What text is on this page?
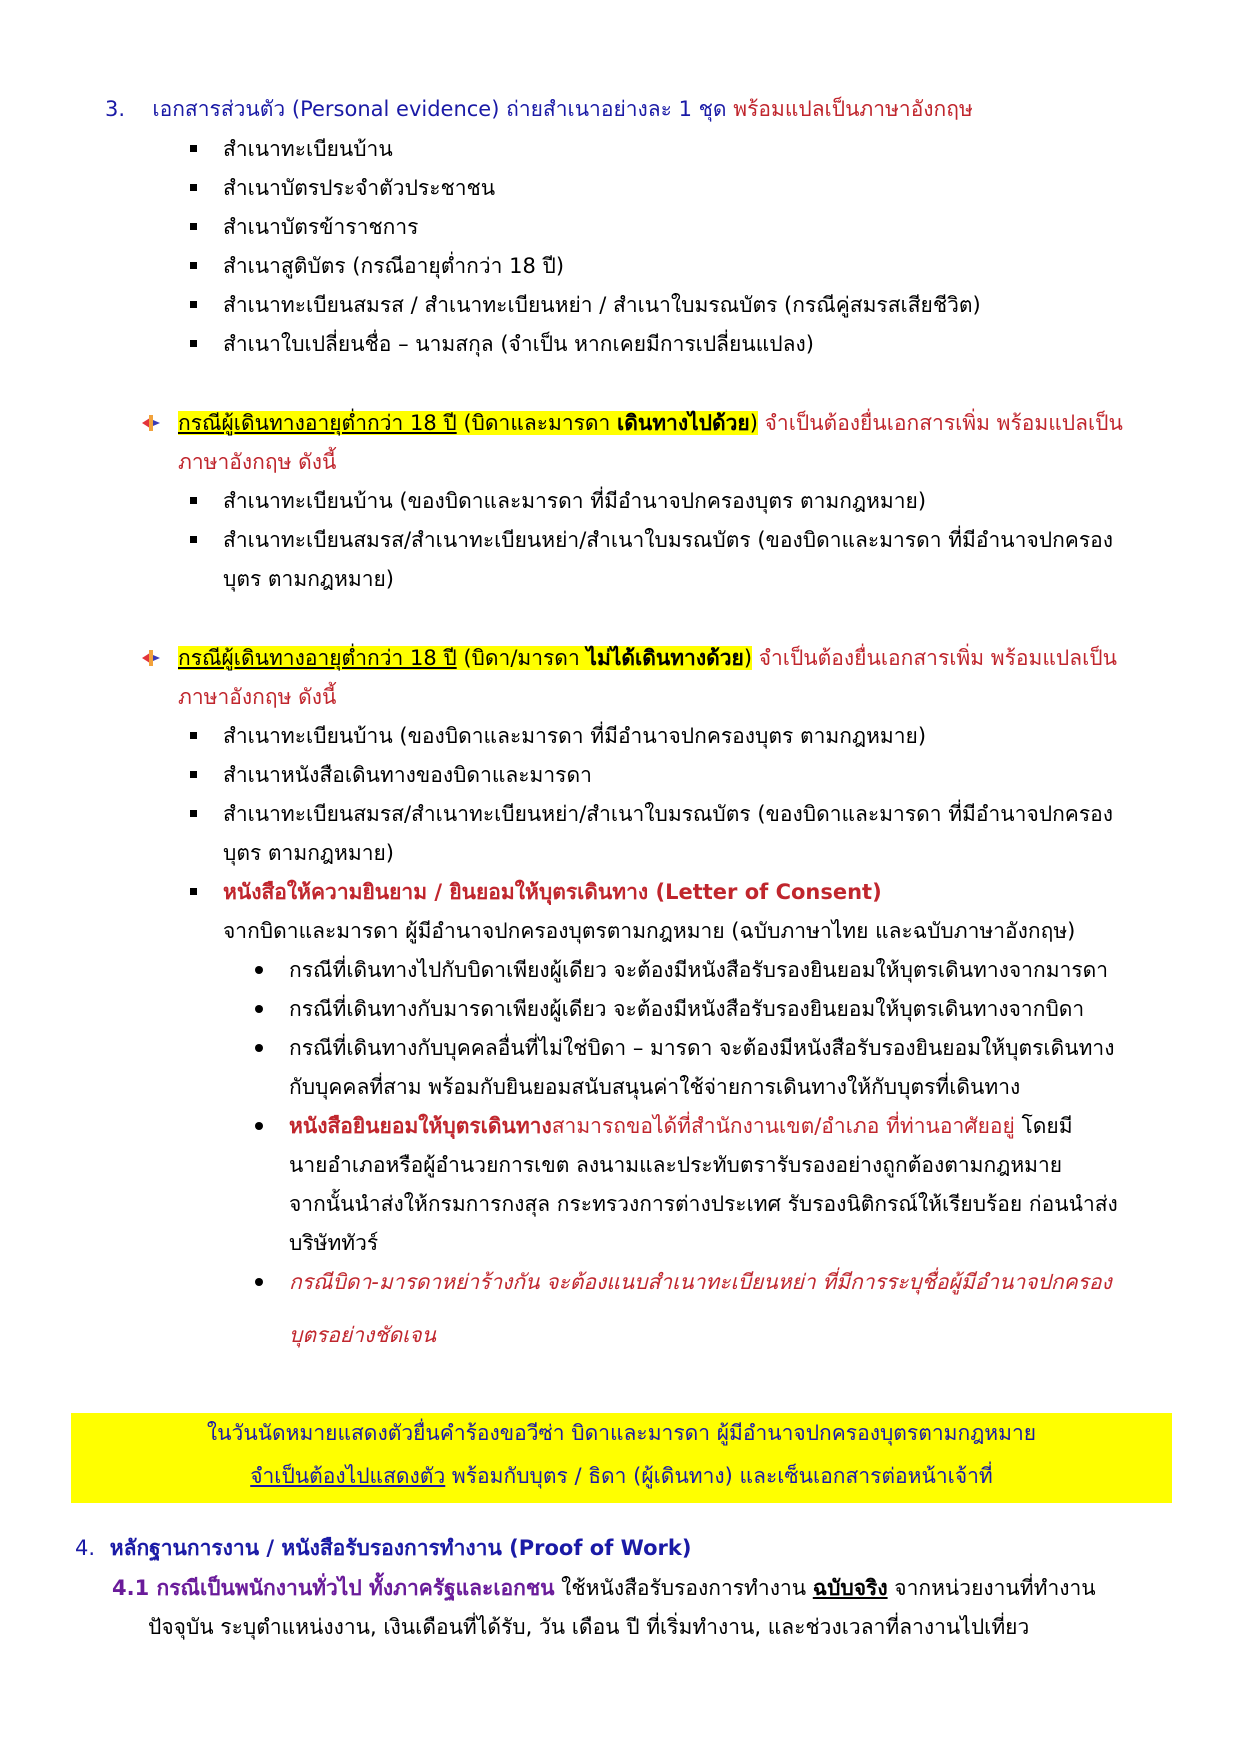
3. เอกสารส่วนตัว (Personal evidence) ถ่ายสำเนาอย่างละ 1 ชุด พร้อมแปลเป็นภาษาอังกฤษ
สำเนาทะเบียนบ้าน
สำเนาบัตรประจำตัวประชาชน
สำเนาบัตรข้าราชการ
สำเนาสูติบัตร (กรณีอายุต่ำกว่า 18 ปี)
สำเนาทะเบียนสมรส / สำเนาทะเบียนหย่า / สำเนาใบมรณบัตร (กรณีคู่สมรสเสียชีวิต)
สำเนาใบเปลี่ยนชื่อ – นามสกุล (จำเป็น หากเคยมีการเปลี่ยนแปลง)
กรณีผู้เดินทางอายุต่ำกว่า 18 ปี (บิดาและมารดา เดินทางไปด้วย) จำเป็นต้องยื่นเอกสารเพิ่ม พร้อมแปลเป็น
ภาษาอังกฤษ ดังนี้
สำเนาทะเบียนบ้าน (ของบิดาและมารดา ที่มีอำนาจปกครองบุตร ตามกฎหมาย)
สำเนาทะเบียนสมรส/สำเนาทะเบียนหย่า/สำเนาใบมรณบัตร (ของบิดาและมารดา ที่มีอำนาจปกครอง
บุตร ตามกฎหมาย)
กรณีผู้เดินทางอายุต่ำกว่า 18 ปี (บิดา/มารดา ไม่ได้เดินทางด้วย) จำเป็นต้องยื่นเอกสารเพิ่ม พร้อมแปลเป็น
ภาษาอังกฤษ ดังนี้
สำเนาทะเบียนบ้าน (ของบิดาและมารดา ที่มีอำนาจปกครองบุตร ตามกฎหมาย)
สำเนาหนังสือเดินทางของบิดาและมารดา
สำเนาทะเบียนสมรส/สำเนาทะเบียนหย่า/สำเนาใบมรณบัตร (ของบิดาและมารดา ที่มีอำนาจปกครอง
บุตร ตามกฎหมาย)
หนังสือให้ความยินยาม / ยินยอมให้บุตรเดินทาง (Letter of Consent)
จากบิดาและมารดา ผู้มีอำนาจปกครองบุตรตามกฎหมาย (ฉบับภาษาไทย และฉบับภาษาอังกฤษ)
กรณีที่เดินทางไปกับบิดาเพียงผู้เดียว จะต้องมีหนังสือรับรองยินยอมให้บุตรเดินทางจากมารดา
กรณีที่เดินทางกับมารดาเพียงผู้เดียว จะต้องมีหนังสือรับรองยินยอมให้บุตรเดินทางจากบิดา
กรณีที่เดินทางกับบุคคลอื่นที่ไม่ใช่บิดา – มารดา จะต้องมีหนังสือรับรองยินยอมให้บุตรเดินทาง
กับบุคคลที่สาม พร้อมกับยินยอมสนับสนุนค่าใช้จ่ายการเดินทางให้กับบุตรที่เดินทาง
หนังสือยินยอมให้บุตรเดินทางสามารถขอได้ที่สำนักงานเขต/อำเภอ ที่ท่านอาศัยอยู่ โดยมี
นายอำเภอหรือผู้อำนวยการเขต ลงนามและประทับตรารับรองอย่างถูกต้องตามกฎหมาย
จากนั้นนำส่งให้กรมการกงสุล กระทรวงการต่างประเทศ รับรองนิติกรณ์ให้เรียบร้อย ก่อนนำส่ง
บริษัททัวร์
กรณีบิดา-มารดาหย่าร้างกัน จะต้องแนบสำเนาทะเบียนหย่า ที่มีการระบุชื่อผู้มีอำนาจปกครอง
บุตรอย่างชัดเจน
ในวันนัดหมายแสดงตัวยื่นคำร้องขอวีซ่า บิดาและมารดา ผู้มีอำนาจปกครองบุตรตามกฎหมาย
จำเป็นต้องไปแสดงตัว พร้อมกับบุตร / ธิดา (ผู้เดินทาง) และเซ็นเอกสารต่อหน้าเจ้าที่
4. หลักฐานการงาน / หนังสือรับรองการทำงาน (Proof of Work)
4.1 กรณีเป็นพนักงานทั่วไป ทั้งภาครัฐและเอกชน ใช้หนังสือรับรองการทำงาน ฉบับจริง จากหน่วยงานที่ทำงาน
ปัจจุบัน ระบุตำแหน่งงาน, เงินเดือนที่ได้รับ, วัน เดือน ปี ที่เริ่มทำงาน, และช่วงเวลาที่ลางานไปเที่ยว
